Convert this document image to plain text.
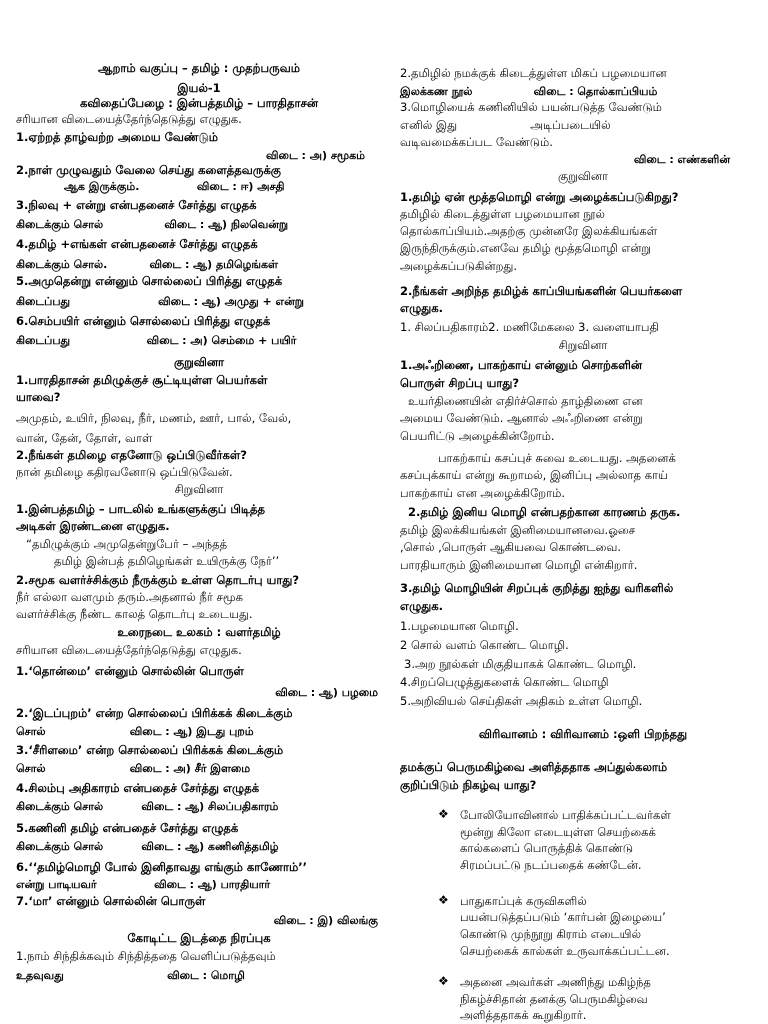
ஆறாம் வகுப்பு – தமிழ் : முதற்பருவம்

இயல்-1

கவிதைப்பேழை : இன்பத்தமிழ் – பாரதிதாசன்

சரியான விடையைத்தேர்ந்தெடுத்து எழுதுக.

1.ஏற்றத் தாழ்வற்ற அமைய வேண்டும்

விடை : அ) சமூகம்

2.நாள் முழுவதும் வேலை செய்து களைத்தவருக்கு

ஆக இருக்கும்.               விடை : ஈ) அசதி

3.நிலவு + என்று என்பதனைச் சேர்த்து எழுதக்

கிடைக்கும் சொல்                விடை : ஆ) நிலவென்று

4.தமிழ் +எங்கள் என்பதனைச் சேர்த்து எழுதக்

கிடைக்கும் சொல்.           விடை : ஆ) தமிழெங்கள்

5.அமுதென்று என்னும் சொல்லைப் பிரித்து எழுதக்

கிடைப்பது                       விடை : ஆ) அமுது + என்று

6.செம்பயிர் என்னும் சொல்லைப் பிரித்து எழுதக்

கிடைப்பது                    விடை : அ) செம்மை + பயிர்

குறுவினா

1.பாரதிதாசன் தமிழுக்குச் சூட்டியுள்ள பெயர்கள்

யாவை?

அமுதம், உயிர், நிலவு, நீர், மணம், ஊர், பால், வேல்,

வான், தேன், தோள், வாள்

2.நீங்கள் தமிழை எதனோடு ஒப்பிடுவீர்கள்?

நான் தமிழை கதிரவனோடு ஒப்பிடுவேன்.

சிறுவினா

1.இன்பத்தமிழ் – பாடலில் உங்களுக்குப் பிடித்த

அடிகள் இரண்டனை எழுதுக.

“தமிழுக்கும் அமுதென்றுபேர் – அந்தத்

தமிழ் இன்பத் தமிழெங்கள் உயிருக்கு நேர்’’

2.சமூக வளர்ச்சிக்கும் நீருக்கும் உள்ள தொடர்பு யாது?

நீர் எல்லா வளமும் தரும்.அதனால் நீர் சமூக

வளர்ச்சிக்கு நீண்ட காலத் தொடர்பு உடையது.

உரைநடை உலகம் : வளர்தமிழ்

சரியான விடையைத்தேர்ந்தெடுத்து எழுதுக.

1.‘தொன்மை’ என்னும் சொல்லின் பொருள்

விடை : ஆ) பழமை

2.‘இடப்புறம்’ என்ற சொல்லைப் பிரிக்கக் கிடைக்கும்

சொல்                      விடை : ஆ) இடது புறம்

3.‘சீரிளமை’ என்ற சொல்லைப் பிரிக்கக் கிடைக்கும்

சொல்                      விடை : அ) சீர் இளமை

4.சிலம்பு அதிகாரம் என்பதைச் சேர்த்து எழுதக்

கிடைக்கும் சொல்          விடை : ஆ) சிலப்பதிகாரம்

5.கணினி தமிழ் என்பதைச் சேர்த்து எழுதக்

கிடைக்கும் சொல்          விடை : ஆ) கணினித்தமிழ்

6.‘‘தமிழ்மொழி போல் இனிதாவது எங்கும் காணோம்’’

என்று பாடியவர்               விடை : ஆ) பாரதியார்

7.‘மா’ என்னும் சொல்லின் பொருள்

விடை : இ) விலங்கு

கோடிட்ட இடத்தை நிரப்புக

1.நாம் சிந்திக்கவும் சிந்தித்ததை வெளிப்படுத்தவும்

உதவுவது                           விடை : மொழி

2.தமிழில் நமக்குக் கிடைத்துள்ள மிகப் பழமையான

இலக்கண நூல்                விடை : தொல்காப்பியம்

3.மொழியைக் கணினியில் பயன்படுத்த வேண்டும்

எனில் இது                    அடிப்படையில்

வடிவமைக்கப்பட வேண்டும்.

விடை : எண்களின்

குறுவினா

1.தமிழ் ஏன் மூத்தமொழி என்று அழைக்கப்படுகிறது?

தமிழில் கிடைத்துள்ள பழமையான நூல்

தொல்காப்பியம்.அதற்கு முன்னரே இலக்கியங்கள்

இருந்திருக்கும்.எனவே தமிழ் மூத்தமொழி என்று

அழைக்கப்படுகின்றது.

2.நீங்கள் அறிந்த தமிழ்க் காப்பியங்களின் பெயர்களை

எழுதுக.

1. சிலப்பதிகாரம்2. மணிமேகலை 3. வளையாபதி

சிறுவினா

1.அஃறிணை, பாகற்காய் என்னும் சொற்களின்

பொருள் சிறப்பு யாது?

உயர்திணையின் எதிர்ச்சொல் தாழ்திணை என

அமைய வேண்டும். ஆனால் அஃறிணை என்று

பெயரிட்டு அழைக்கின்றோம்.

பாகற்காய் கசப்புச் சுவை உடையது. அதனைக்

கசப்புக்காய் என்று கூறாமல், இனிப்பு அல்லாத காய்

பாகற்காய் என அழைக்கிறோம்.

2.தமிழ் இனிய மொழி என்பதற்கான காரணம் தருக.

தமிழ் இலக்கியங்கள் இனிமையானவை.ஓசை

,சொல் ,பொருள் ஆகியவை கொண்டவை.

பாரதியாரும் இனிமையான மொழி என்கிறார்.

3.தமிழ் மொழியின் சிறப்புக் குறித்து ஐந்து வரிகளில்

எழுதுக.

1.பழமையான மொழி.

2 சொல் வளம் கொண்ட மொழி.

3.அற நூல்கள் மிகுதியாகக் கொண்ட மொழி.

4.சிறப்பெழுத்துகளைக் கொண்ட மொழி

5.அறிவியல் செய்திகள் அதிகம் உள்ள மொழி.

விரிவானம் : விரிவானம் :ஒளி பிறந்தது

தமக்குப் பெருமகிழ்வை அளித்ததாக அப்துல்கலாம்

குறிப்பிடும் நிகழ்வு யாது?

❖ போலியோவினால் பாதிக்கப்பட்டவர்கள்

மூன்று கிலோ எடையுள்ள செயற்கைக்

கால்களைப் பொருத்திக் கொண்டு

சிரமப்பட்டு நடப்பதைக் கண்டேன்.

❖ பாதுகாப்புக் கருவிகளில்

பயன்படுத்தப்படும் ‘கார்பன் இழையை’

கொண்டு முந்நூறு கிராம் எடையில்

செயற்கைக் கால்கள் உருவாக்கப்பட்டன.

❖ அதனை அவர்கள் அணிந்து மகிழ்ந்த

நிகழ்ச்சிதான் தனக்கு பெருமகிழ்வை

அளித்ததாகக் கூறுகிறார்.
